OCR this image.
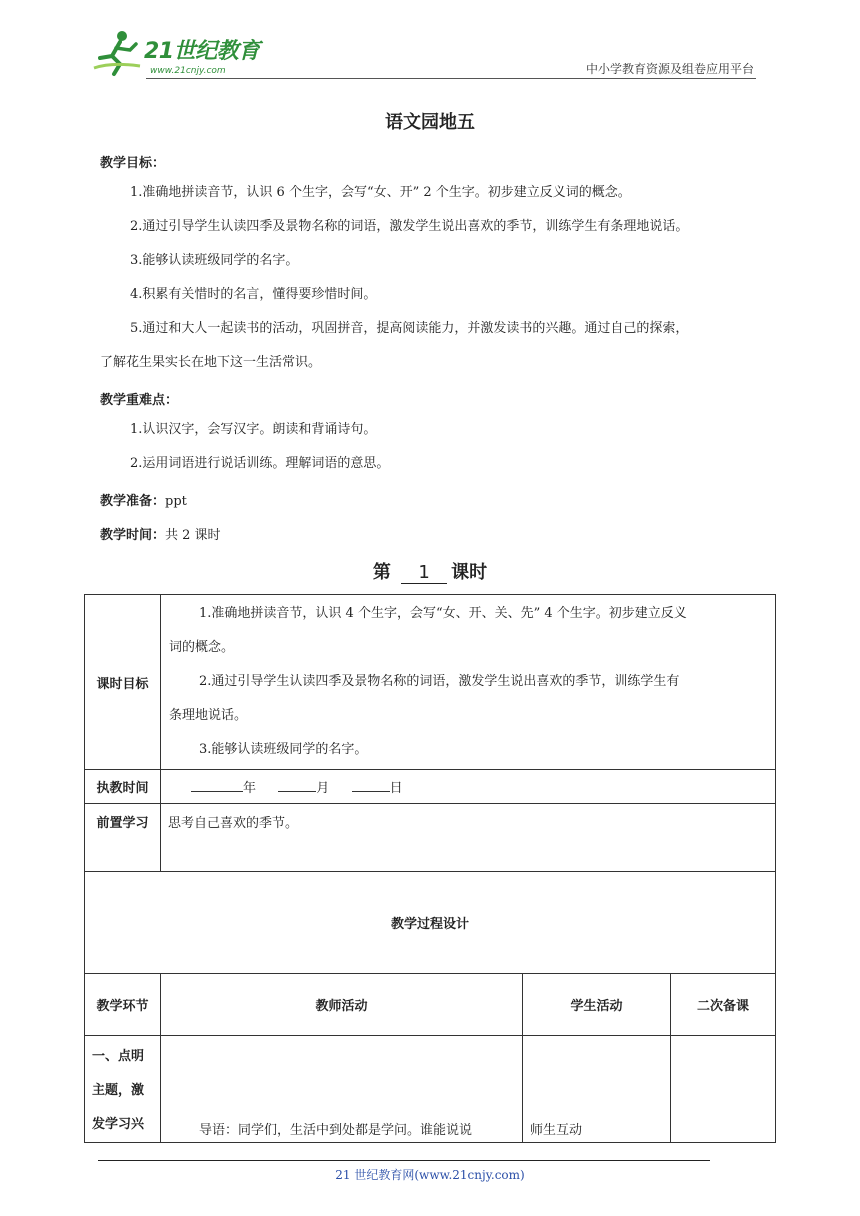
21世纪教育
www.21cnjy.com	中小学教育资源及组卷应用平台
语文园地五
教学目标：
1.准确地拼读音节，认识 6 个生字，会写“女、开” 2 个生字。初步建立反义词的概念。
2.通过引导学生认读四季及景物名称的词语，激发学生说出喜欢的季节，训练学生有条理地说话。
3.能够认读班级同学的名字。
4.积累有关惜时的名言，懂得要珍惜时间。
5.通过和大人一起读书的活动，巩固拼音，提高阅读能力，并激发读书的兴趣。通过自己的探索，
了解花生果实长在地下这一生活常识。
教学重难点：
1.认识汉字，会写汉字。朗读和背诵诗句。
2.运用词语进行说话训练。理解词语的意思。
教学准备：ppt
教学时间：共 2 课时
第 1 课时
课时目标	1.准确地拼读音节，认识 4 个生字，会写“女、开、关、先” 4 个生字。初步建立反义
词的概念。
2.通过引导学生认读四季及景物名称的词语，激发学生说出喜欢的季节，训练学生有
条理地说话。
3.能够认读班级同学的名字。		

执教时间	年 月 日		
前置学习	思考自己喜欢的季节。		
教学过程设计			
教学环节	教师活动	学生活动	二次备课
一、点明主题，激发学习兴	导语：同学们，生活中到处都是学问。谁能说说	师生互动	
21 世纪教育网(www.21cnjy.com)
